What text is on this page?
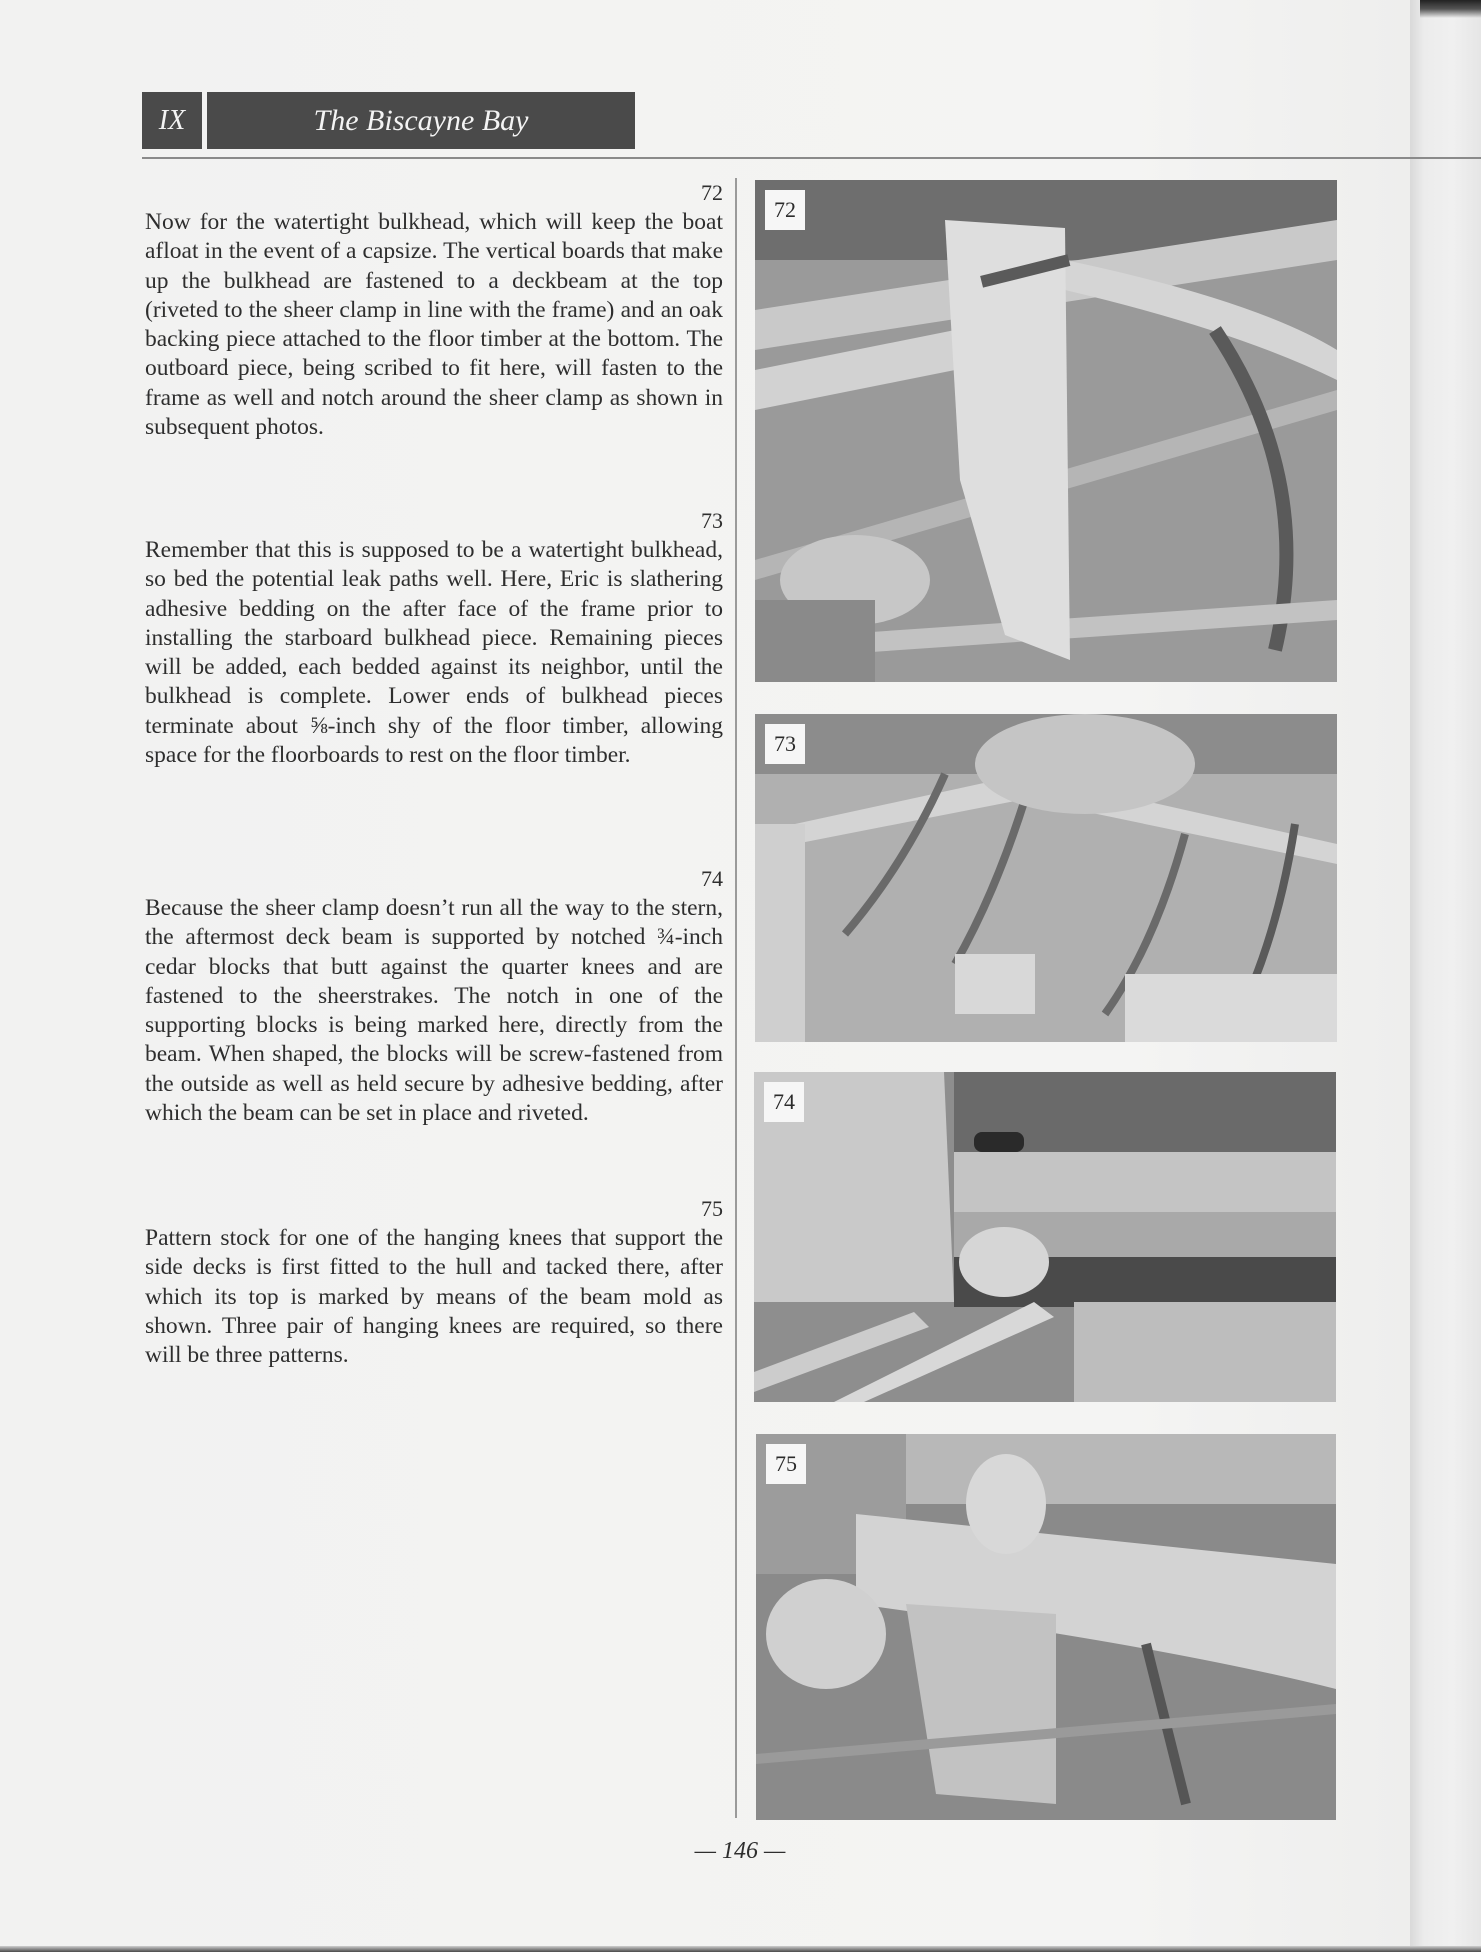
IX	The Biscayne Bay
72

Now for the watertight bulkhead, which will keep the boat afloat in the event of a capsize. The vertical boards that make up the bulkhead are fastened to a deckbeam at the top (riveted to the sheer clamp in line with the frame) and an oak backing piece attached to the floor timber at the bottom. The outboard piece, being scribed to fit here, will fasten to the frame as well and notch around the sheer clamp as shown in subsequent photos.

73

Remember that this is supposed to be a watertight bulkhead, so bed the potential leak paths well. Here, Eric is slathering adhesive bedding on the after face of the frame prior to installing the starboard bulkhead piece. Remaining pieces will be added, each bedded against its neighbor, until the bulkhead is complete. Lower ends of bulkhead pieces terminate about ⅝-inch shy of the floor timber, allowing space for the floorboards to rest on the floor timber.

74

Because the sheer clamp doesn’t run all the way to the stern, the aftermost deck beam is supported by notched ¾-inch cedar blocks that butt against the quarter knees and are fastened to the sheerstrakes. The notch in one of the supporting blocks is being marked here, directly from the beam. When shaped, the blocks will be screw-fastened from the outside as well as held secure by adhesive bedding, after which the beam can be set in place and riveted.

75

Pattern stock for one of the hanging knees that support the side decks is first fitted to the hull and tacked there, after which its top is marked by means of the beam mold as shown. Three pair of hanging knees are required, so there will be three patterns.

72
73
74
75
— 146 —
